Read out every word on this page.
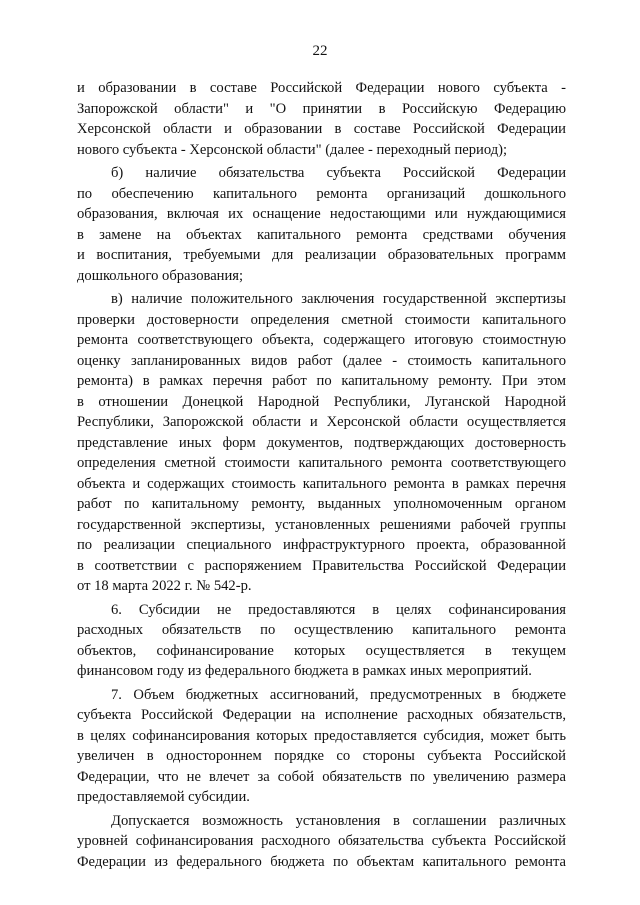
22
и образовании в составе Российской Федерации нового субъекта -
Запорожской области" и "О принятии в Российскую Федерацию
Херсонской области и образовании в составе Российской Федерации
нового субъекта - Херсонской области" (далее - переходный период);
б) наличие обязательства субъекта Российской Федерации
по обеспечению капитального ремонта организаций дошкольного
образования, включая их оснащение недостающими или нуждающимися
в замене на объектах капитального ремонта средствами обучения
и воспитания, требуемыми для реализации образовательных программ
дошкольного образования;
в) наличие положительного заключения государственной экспертизы
проверки достоверности определения сметной стоимости капитального
ремонта соответствующего объекта, содержащего итоговую стоимостную
оценку запланированных видов работ (далее - стоимость капитального
ремонта) в рамках перечня работ по капитальному ремонту. При этом
в отношении Донецкой Народной Республики, Луганской Народной
Республики, Запорожской области и Херсонской области осуществляется
представление иных форм документов, подтверждающих достоверность
определения сметной стоимости капитального ремонта соответствующего
объекта и содержащих стоимость капитального ремонта в рамках перечня
работ по капитальному ремонту, выданных уполномоченным органом
государственной экспертизы, установленных решениями рабочей группы
по реализации специального инфраструктурного проекта, образованной
в соответствии с распоряжением Правительства Российской Федерации
от 18 марта 2022 г. № 542-р.
6. Субсидии не предоставляются в целях софинансирования
расходных обязательств по осуществлению капитального ремонта
объектов, софинансирование которых осуществляется в текущем
финансовом году из федерального бюджета в рамках иных мероприятий.
7. Объем бюджетных ассигнований, предусмотренных в бюджете
субъекта Российской Федерации на исполнение расходных обязательств,
в целях софинансирования которых предоставляется субсидия, может быть
увеличен в одностороннем порядке со стороны субъекта Российской
Федерации, что не влечет за собой обязательств по увеличению размера
предоставляемой субсидии.
Допускается возможность установления в соглашении различных
уровней софинансирования расходного обязательства субъекта Российской
Федерации из федерального бюджета по объектам капитального ремонта
